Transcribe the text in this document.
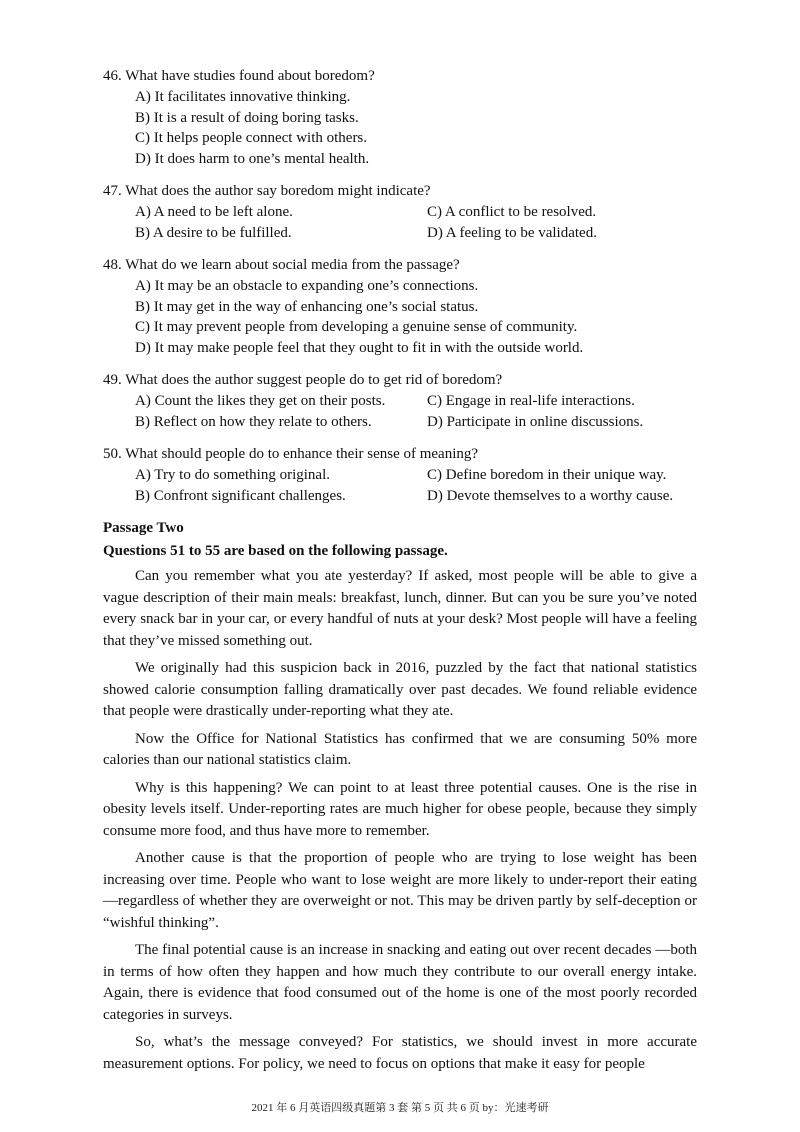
46. What have studies found about boredom?

A) It facilitates innovative thinking.

B) It is a result of doing boring tasks.

C) It helps people connect with others.

D) It does harm to one’s mental health.

47. What does the author say boredom might indicate?

A) A need to be left alone.	C) A conflict to be resolved.
B) A desire to be fulfilled.	D) A feeling to be validated.

48. What do we learn about social media from the passage?

A) It may be an obstacle to expanding one’s connections.

B) It may get in the way of enhancing one’s social status.

C) It may prevent people from developing a genuine sense of community.

D) It may make people feel that they ought to fit in with the outside world.

49. What does the author suggest people do to get rid of boredom?

A) Count the likes they get on their posts.	C) Engage in real-life interactions.
B) Reflect on how they relate to others.	D) Participate in online discussions.

50. What should people do to enhance their sense of meaning?

A) Try to do something original.	C) Define boredom in their unique way.
B) Confront significant challenges.	D) Devote themselves to a worthy cause.

Passage Two

Questions 51 to 55 are based on the following passage.

Can you remember what you ate yesterday? If asked, most people will be able to give a vague description of their main meals: breakfast, lunch, dinner. But can you be sure you’ve noted every snack bar in your car, or every handful of nuts at your desk? Most people will have a feeling that they’ve missed something out.

We originally had this suspicion back in 2016, puzzled by the fact that national statistics showed calorie consumption falling dramatically over past decades. We found reliable evidence that people were drastically under-reporting what they ate.

Now the Office for National Statistics has confirmed that we are consuming 50% more calories than our national statistics claim.

Why is this happening? We can point to at least three potential causes. One is the rise in obesity levels itself. Under-reporting rates are much higher for obese people, because they simply consume more food, and thus have more to remember.

Another cause is that the proportion of people who are trying to lose weight has been increasing over time. People who want to lose weight are more likely to under-report their eating—regardless of whether they are overweight or not. This may be driven partly by self-deception or “wishful thinking”.

The final potential cause is an increase in snacking and eating out over recent decades —both in terms of how often they happen and how much they contribute to our overall energy intake. Again, there is evidence that food consumed out of the home is one of the most poorly recorded categories in surveys.

So, what’s the message conveyed? For statistics, we should invest in more accurate measurement options. For policy, we need to focus on options that make it easy for people

2021 年 6 月英语四级真题第 3 套 第 5 页 共 6 页 by：光速考研
